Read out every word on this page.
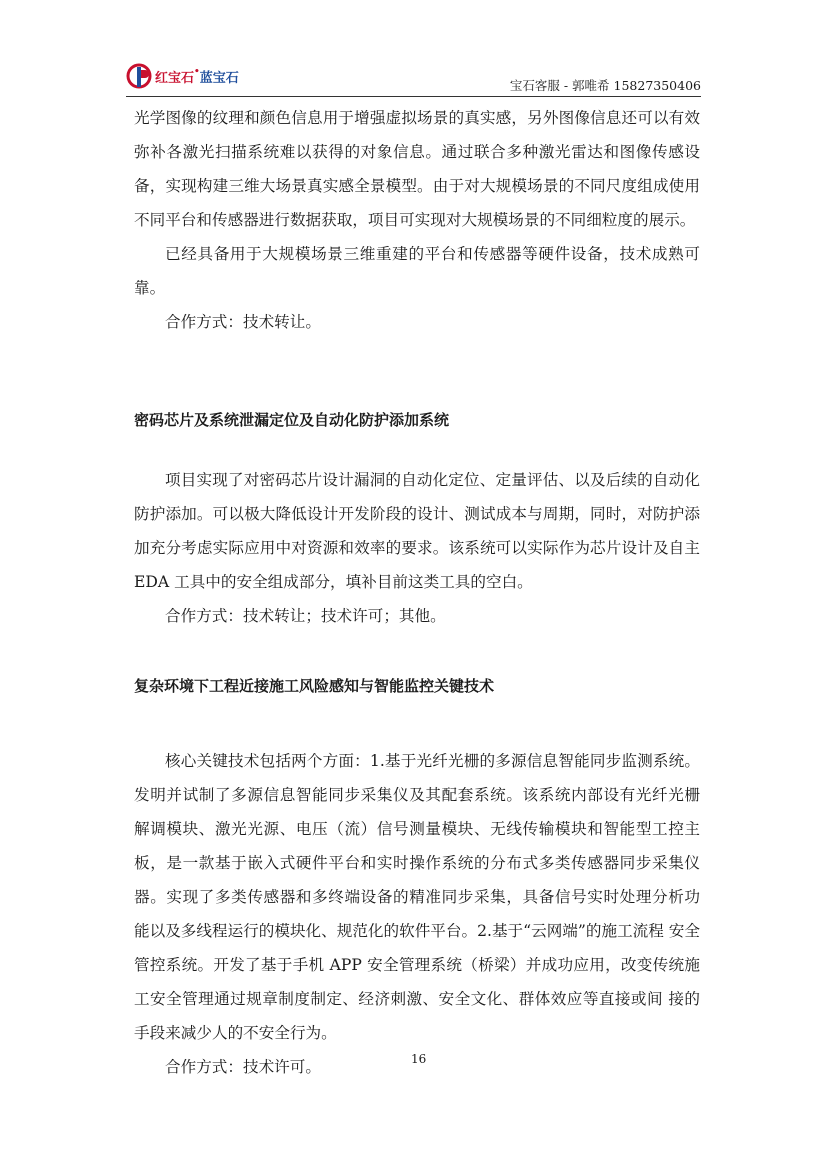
红宝石•蓝宝石	宝石客服 - 郭唯希 15827350406

光学图像的纹理和颜色信息用于增强虚拟场景的真实感，另外图像信息还可以有效弥补各激光扫描系统难以获得的对象信息。通过联合多种激光雷达和图像传感设备，实现构建三维大场景真实感全景模型。由于对大规模场景的不同尺度组成使用不同平台和传感器进行数据获取，项目可实现对大规模场景的不同细粒度的展示。

已经具备用于大规模场景三维重建的平台和传感器等硬件设备，技术成熟可靠。

合作方式：技术转让。

密码芯片及系统泄漏定位及自动化防护添加系统

项目实现了对密码芯片设计漏洞的自动化定位、定量评估、以及后续的自动化防护添加。可以极大降低设计开发阶段的设计、测试成本与周期，同时，对防护添加充分考虑实际应用中对资源和效率的要求。该系统可以实际作为芯片设计及自主 EDA 工具中的安全组成部分，填补目前这类工具的空白。

合作方式：技术转让；技术许可；其他。

复杂环境下工程近接施工风险感知与智能监控关键技术

核心关键技术包括两个方面：1.基于光纤光栅的多源信息智能同步监测系统。发明并试制了多源信息智能同步采集仪及其配套系统。该系统内部设有光纤光栅 解调模块、激光光源、电压（流）信号测量模块、无线传输模块和智能型工控主 板，是一款基于嵌入式硬件平台和实时操作系统的分布式多类传感器同步采集仪 器。实现了多类传感器和多终端设备的精准同步采集，具备信号实时处理分析功 能以及多线程运行的模块化、规范化的软件平台。2.基于“云网端”的施工流程 安全管控系统。开发了基于手机 APP 安全管理系统（桥梁）并成功应用，改变传统施工安全管理通过规章制度制定、经济刺激、安全文化、群体效应等直接或间 接的手段来减少人的不安全行为。

合作方式：技术许可。	16
